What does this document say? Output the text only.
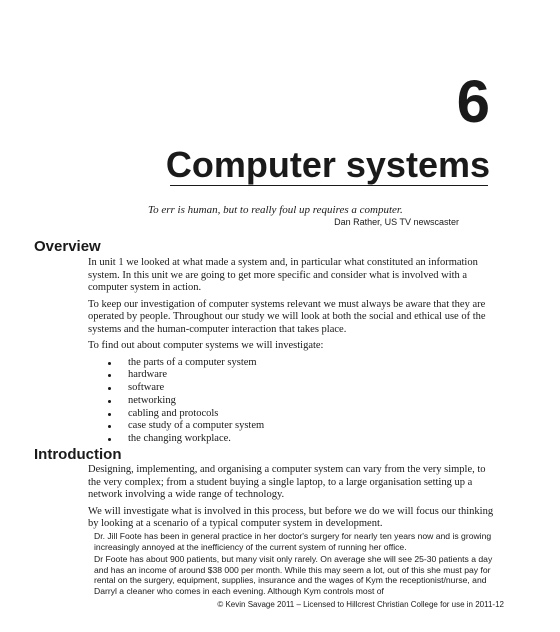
6
Computer systems

To err is human, but to really foul up requires a computer.

Dan Rather, US TV newscaster

Overview

In unit 1 we looked at what made a system and, in particular what constituted an information system. In this unit we are going to get more specific and consider what is involved with a computer system in action.

To keep our investigation of computer systems relevant we must always be aware that they are operated by people. Throughout our study we will look at both the social and ethical use of the systems and the human-computer interaction that takes place.

To find out about computer systems we will investigate:

the parts of a computer system
hardware
software
networking
cabling and protocols
case study of a computer system
the changing workplace.
Introduction

Designing, implementing, and organising a computer system can vary from the very simple, to the very complex; from a student buying a single laptop, to a large organisation setting up a network involving a wide range of technology.

We will investigate what is involved in this process, but before we do we will focus our thinking by looking at a scenario of a typical computer system in development.

Dr. Jill Foote has been in general practice in her doctor's surgery for nearly ten years now and is growing increasingly annoyed at the inefficiency of the current system of running her office.

Dr Foote has about 900 patients, but many visit only rarely. On average she will see 25-30 patients a day and has an income of around $38 000 per month. While this may seem a lot, out of this she must pay for rental on the surgery, equipment, supplies, insurance and the wages of Kym the receptionist/nurse, and Darryl a cleaner who comes in each evening. Although Kym controls most of

© Kevin Savage 2011 – Licensed to Hillcrest Christian College for use in 2011-12
